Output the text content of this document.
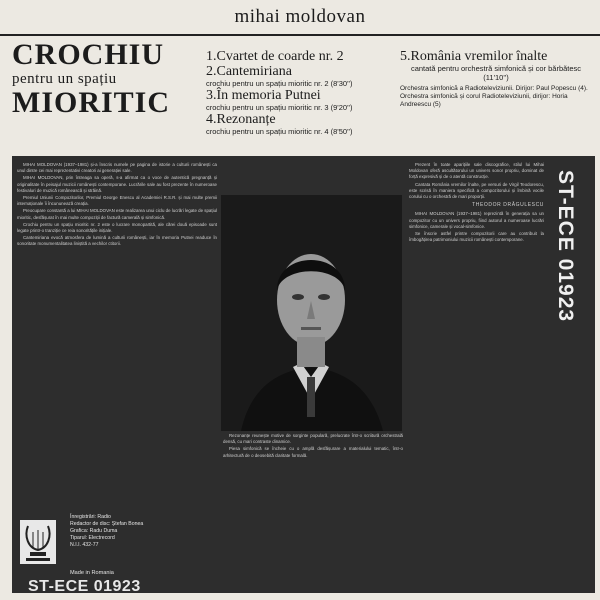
mihai moldovan
CROCHIU
pentru un spațiu
MIORITIC
1.Cvartet de coarde nr. 2
2.Cantemiriana
crochiu pentru un spațiu mioritic nr. 2 (8'30'')
3.În memoria Putnei
crochiu pentru un spațiu mioritic nr. 3 (9'20'')
4.Rezonanțe
crochiu pentru un spațiu mioritic nr. 4 (8'50'')
5.România vremilor înalte
cantată pentru orchestră simfonică și cor bărbătesc (11'10'')
Orchestra simfonică a Radioteleviziunii. Dirijor: Paul Popescu (4). Orchestra simfonică și corul Radioteleviziunii, dirijor: Horia Andreescu (5)

MIHAI MOLDOVAN (1937–1981) și-a înscris numele pe pagina de istorie a culturii românești ca unul dintre cei mai reprezentativi creatori ai generației sale.

MIHAI MOLDOVAN, prin întreaga sa operă, s-a afirmat ca o voce de autentică pregnanță și originalitate în peisajul muzicii românești contemporane. Lucrările sale au fost prezente în numeroase festivaluri de muzică românească și străină.

Premiul Uniunii Compozitorilor, Premiul George Enescu al Academiei R.S.R. și mai multe premii internaționale îi încununează creația.

Preocupare constantă a lui MIHAI MOLDOVAN este realizarea unui ciclu de lucrări legate de spațiul mioritic, desfășurat în mai multe compoziții de factură camerală și simfonică.

Crochiu pentru un spațiu mioritic nr. 2 este o lucrare monopartită, ale cărei două episoade sunt legate printr-o tranziție ce reia sonoritățile inițiale.

Cantemiriana evocă atmosfera de lumină a culturii românești, iar În memoria Putnei readuce în sonoritate monumentalitatea liniștită a vechilor ctitorii.

Rezonanțe reunește motive de sorginte populară, prelucrate într-o scriitură orchestrală densă, cu mari contraste dinamice.

Piesa simfonică se încheie cu o amplă desfășurare a materialului tematic, într-o arhitectură de o deosebită claritate formală.

Prezent în toate aparițiile sale discografice, stilul lui Mihai Moldovan oferă ascultătorului un univers sonor propriu, dominat de forță expresivă și de o atentă construcție.

Cantata România vremilor înalte, pe versuri de Virgil Teodorescu, este scrisă în maniera specifică a compozitorului și îmbină vocile corului cu o orchestră de mari proporții.

THEODOR DRĂGULESCU

MIHAI MOLDOVAN (1937–1981) reprezintă în generația sa un compozitor cu un univers propriu, fiind autorul a numeroase lucrări simfonice, camerale și vocal-simfonice.

Se înscrie astfel printre compozitorii care au contribuit la îmbogățirea patrimoniului muzicii românești contemporane.	ST-ECE 01923
Înregistrări: Radio
Redactor de disc: Ștefan Bonea
Grafica: Radu Duma
Tiparul: Electrecord
N.I.I. 432-77
Made in Romania
ST-ECE 01923
